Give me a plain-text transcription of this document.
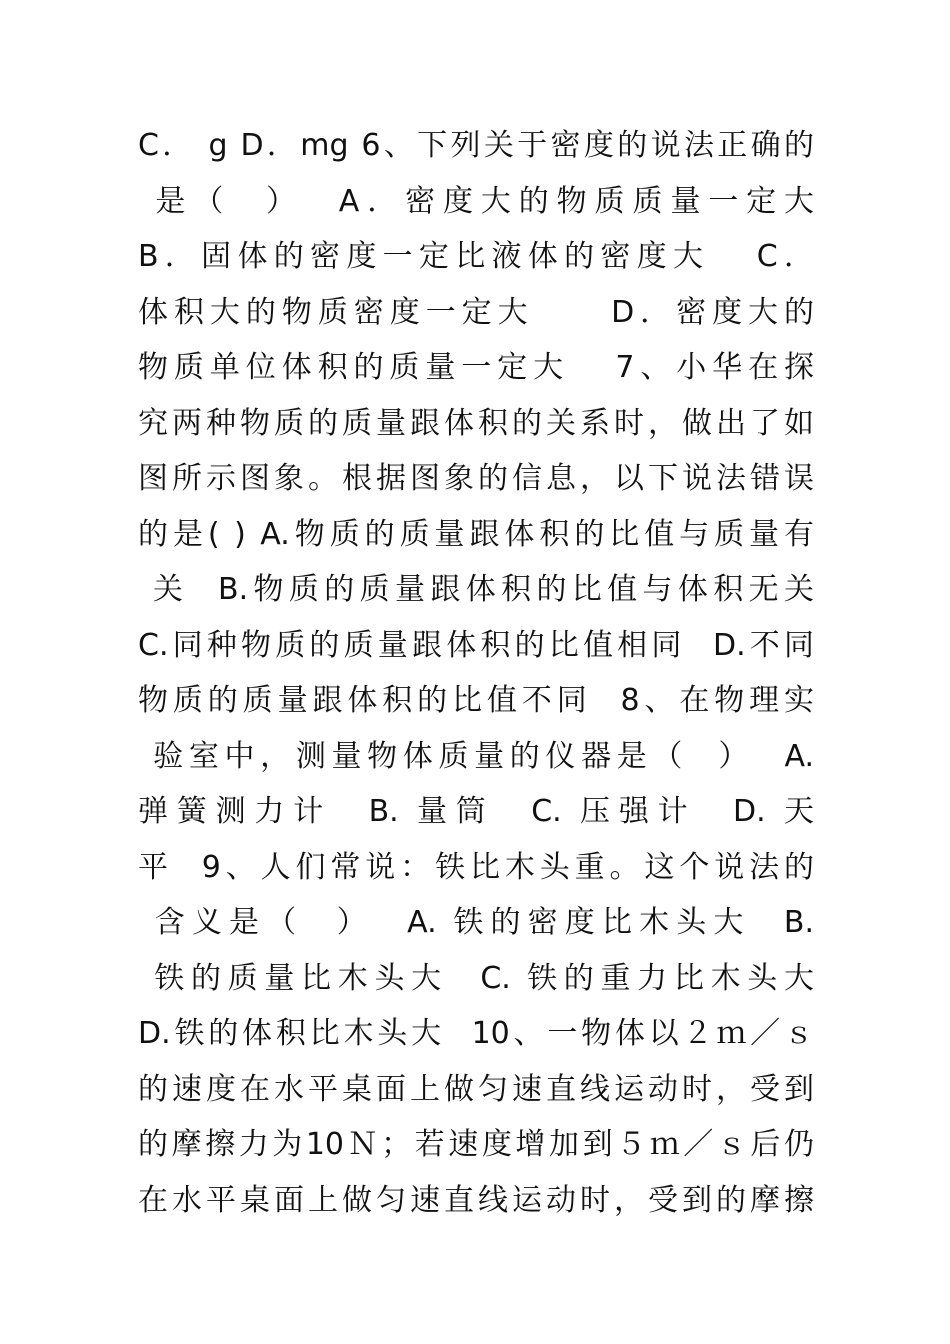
C． g D．mg 6、下列关于密度的说法正确的
是（  ）  A．密度大的物质质量一定大
B．固体的密度一定比液体的密度大   C．
体积大的物质密度一定大     D．密度大的
物质单位体积的质量一定大   7、小华在探
究两种物质的质量跟体积的关系时，做出了如
图所示图象。根据图象的信息，以下说法错误
的是( ) A.物质的质量跟体积的比值与质量有
关  B.物质的质量跟体积的比值与体积无关
C.同种物质的质量跟体积的比值相同  D.不同
物质的质量跟体积的比值不同  8、在物理实
验室中，测量物体质量的仪器是（  ）  A.
弹簧测力计  B. 量筒  C. 压强计  D. 天
平  9、人们常说：铁比木头重。这个说法的
含义是（  ）  A. 铁的密度比木头大  B.
铁的质量比木头大  C. 铁的重力比木头大
D.铁的体积比木头大  10、一物体以２ｍ／ｓ
的速度在水平桌面上做匀速直线运动时，受到
的摩擦力为10Ｎ；若速度增加到５ｍ／ｓ后仍
在水平桌面上做匀速直线运动时，受到的摩擦
